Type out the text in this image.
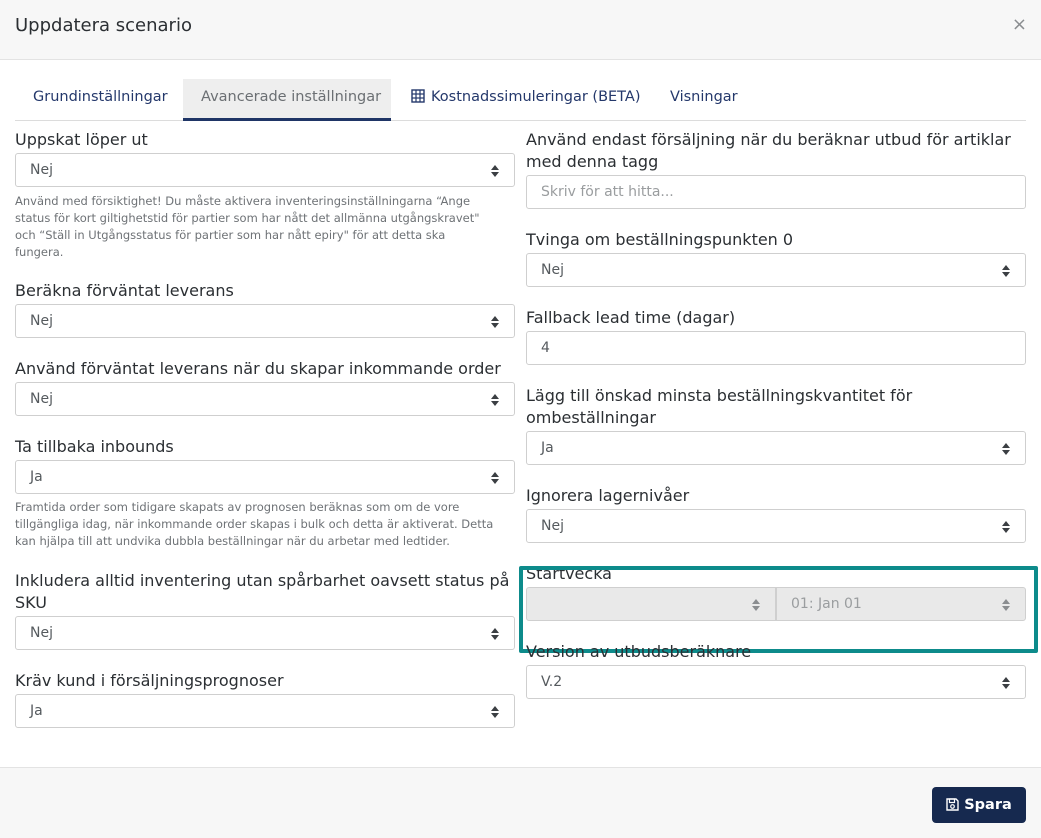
Uppdatera scenario	×
Grundinställningar	Avancerade inställningar	Kostnadssimuleringar (BETA)	Visningar
Uppskat löper ut
Nej
Använd med försiktighet! Du måste aktivera inventeringsinställningarna “Ange
status för kort giltighetstid för partier som har nått det allmänna utgångskravet"
och “Ställ in Utgångsstatus för partier som har nått epiry" för att detta ska
fungera.
Beräkna förväntat leverans
Nej
Använd förväntat leverans när du skapar inkommande order
Nej
Ta tillbaka inbounds
Ja
Framtida order som tidigare skapats av prognosen beräknas som om de vore
tillgängliga idag, när inkommande order skapas i bulk och detta är aktiverat. Detta
kan hjälpa till att undvika dubbla beställningar när du arbetar med ledtider.
Inkludera alltid inventering utan spårbarhet oavsett status på
SKU
Nej
Kräv kund i försäljningsprognoser
Ja
Använd endast försäljning när du beräknar utbud för artiklar
med denna tagg
Skriv för att hitta...
Tvinga om beställningspunkten 0
Nej
Fallback lead time (dagar)
4
Lägg till önskad minsta beställningskvantitet för
ombeställningar
Ja
Ignorera lagernivåer
Nej
Startvecka
01: Jan 01
Version av utbudsberäknare
V.2
Spara
